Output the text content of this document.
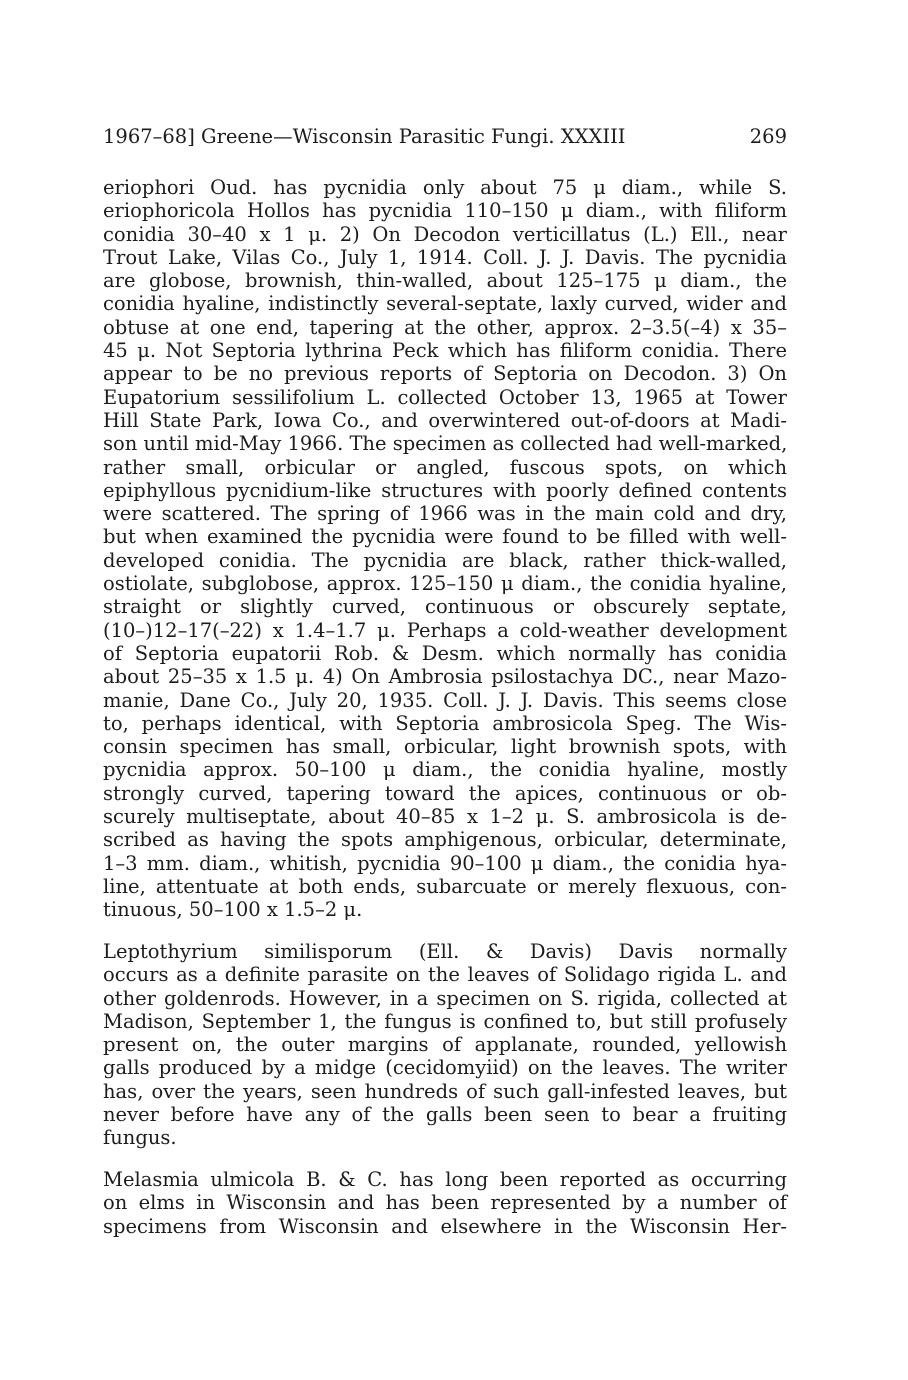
1967–68] Greene—Wisconsin Parasitic Fungi. XXXIII	269

eriophori Oud. has pycnidia only about 75 μ diam., while S.
eriophoricola Hollos has pycnidia 110–150 μ diam., with filiform
conidia 30–40 x 1 μ. 2) On Decodon verticillatus (L.) Ell., near
Trout Lake, Vilas Co., July 1, 1914. Coll. J. J. Davis. The pycnidia
are globose, brownish, thin-walled, about 125–175 μ diam., the
conidia hyaline, indistinctly several-septate, laxly curved, wider and
obtuse at one end, tapering at the other, approx. 2–3.5(–4) x 35–
45 μ. Not Septoria lythrina Peck which has filiform conidia. There
appear to be no previous reports of Septoria on Decodon. 3) On
Eupatorium sessilifolium L. collected October 13, 1965 at Tower
Hill State Park, Iowa Co., and overwintered out-of-doors at Madi-
son until mid-May 1966. The specimen as collected had well-marked,
rather small, orbicular or angled, fuscous spots, on which
epiphyllous pycnidium-like structures with poorly defined contents
were scattered. The spring of 1966 was in the main cold and dry,
but when examined the pycnidia were found to be filled with well-
developed conidia. The pycnidia are black, rather thick-walled,
ostiolate, subglobose, approx. 125–150 μ diam., the conidia hyaline,
straight or slightly curved, continuous or obscurely septate,
(10–)12–17(–22) x 1.4–1.7 μ. Perhaps a cold-weather development
of Septoria eupatorii Rob. & Desm. which normally has conidia
about 25–35 x 1.5 μ. 4) On Ambrosia psilostachya DC., near Mazo-
manie, Dane Co., July 20, 1935. Coll. J. J. Davis. This seems close
to, perhaps identical, with Septoria ambrosicola Speg. The Wis-
consin specimen has small, orbicular, light brownish spots, with
pycnidia approx. 50–100 μ diam., the conidia hyaline, mostly
strongly curved, tapering toward the apices, continuous or ob-
scurely multiseptate, about 40–85 x 1–2 μ. S. ambrosicola is de-
scribed as having the spots amphigenous, orbicular, determinate,
1–3 mm. diam., whitish, pycnidia 90–100 μ diam., the conidia hya-
line, attentuate at both ends, subarcuate or merely flexuous, con-
tinuous, 50–100 x 1.5–2 μ.

Leptothyrium similisporum (Ell. & Davis) Davis normally
occurs as a definite parasite on the leaves of Solidago rigida L. and
other goldenrods. However, in a specimen on S. rigida, collected at
Madison, September 1, the fungus is confined to, but still profusely
present on, the outer margins of applanate, rounded, yellowish
galls produced by a midge (cecidomyiid) on the leaves. The writer
has, over the years, seen hundreds of such gall-infested leaves, but
never before have any of the galls been seen to bear a fruiting
fungus.

Melasmia ulmicola B. & C. has long been reported as occurring
on elms in Wisconsin and has been represented by a number of
specimens from Wisconsin and elsewhere in the Wisconsin Her-
